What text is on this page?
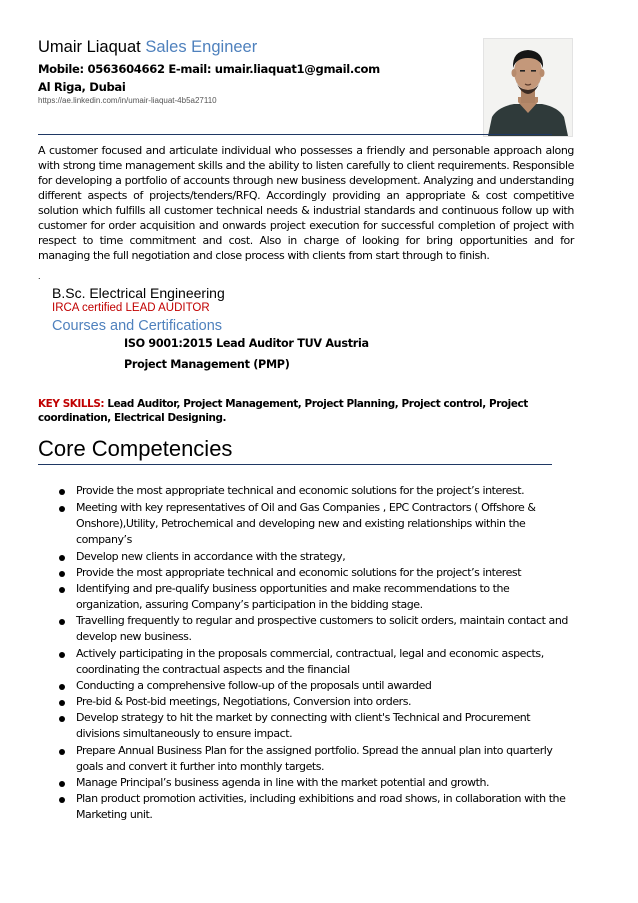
Umair Liaquat Sales Engineer
Mobile: 0563604662 E-mail: umair.liaquat1@gmail.com
Al Riga, Dubai
https://ae.linkedin.com/in/umair-liaquat-4b5a27110
A customer focused and articulate individual who possesses a friendly and personable approach along with strong time management skills and the ability to listen carefully to client requirements. Responsible for developing a portfolio of accounts through new business development. Analyzing and understanding different aspects of projects/tenders/RFQ. Accordingly providing an appropriate & cost competitive solution which fulfills all customer technical needs & industrial standards and continuous follow up with customer for order acquisition and onwards project execution for successful completion of project with respect to time commitment and cost. Also in charge of looking for bring opportunities and for managing the full negotiation and close process with clients from start through to finish.
.
B.Sc. Electrical Engineering
IRCA certified LEAD AUDITOR
Courses and Certifications
ISO 9001:2015 Lead Auditor TUV Austria
Project Management (PMP)
KEY SKILLS: Lead Auditor, Project Management, Project Planning, Project control, Project coordination, Electrical Designing.
Core Competencies
Provide the most appropriate technical and economic solutions for the project’s interest.
Meeting with key representatives of Oil and Gas Companies , EPC Contractors ( Offshore & Onshore),Utility, Petrochemical and developing new and existing relationships within the company’s
Develop new clients in accordance with the strategy,
Provide the most appropriate technical and economic solutions for the project’s interest
Identifying and pre-qualify business opportunities and make recommendations to the organization, assuring Company’s participation in the bidding stage.
Travelling frequently to regular and prospective customers to solicit orders, maintain contact and develop new business.
Actively participating in the proposals commercial, contractual, legal and economic aspects, coordinating the contractual aspects and the financial
Conducting a comprehensive follow-up of the proposals until awarded
Pre-bid & Post-bid meetings, Negotiations, Conversion into orders.
Develop strategy to hit the market by connecting with client's Technical and Procurement divisions simultaneously to ensure impact.
Prepare Annual Business Plan for the assigned portfolio. Spread the annual plan into quarterly goals and convert it further into monthly targets.
Manage Principal’s business agenda in line with the market potential and growth.
Plan product promotion activities, including exhibitions and road shows, in collaboration with the Marketing unit.
